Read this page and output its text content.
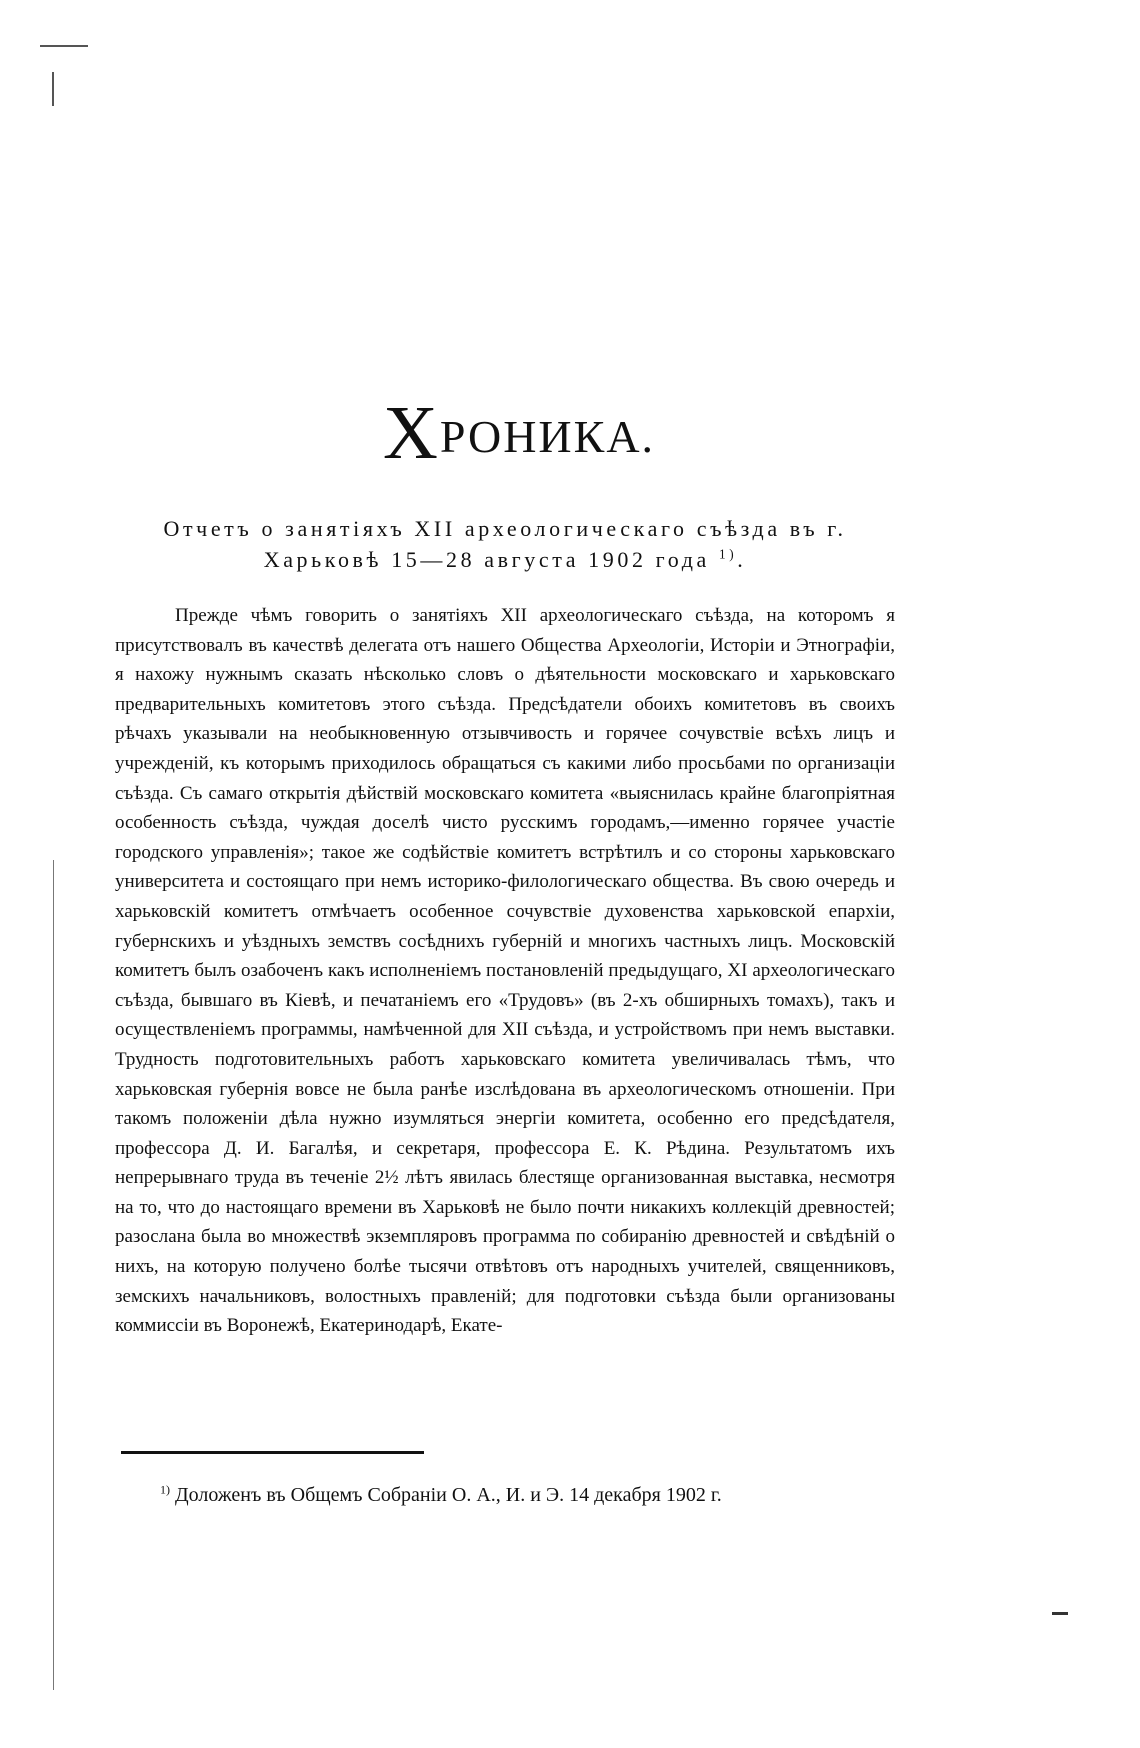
ХРОНИКА.
Отчетъ о занятіяхъ XII археологическаго съѣзда въ г.
Харьковѣ 15—28 августа 1902 года $^{1)}$.

Прежде чѣмъ говорить о занятіяхъ XII археологическаго съѣзда, на которомъ я присутствовалъ въ качествѣ делегата отъ нашего Общества Археологіи, Исторіи и Этнографіи, я нахожу нужнымъ сказать нѣсколько словъ о дѣятельности московскаго и харьковскаго предварительныхъ комитетовъ этого съѣзда. Предсѣдатели обоихъ комитетовъ въ своихъ рѣчахъ указывали на необыкновенную отзывчивость и горячее сочувствіе всѣхъ лицъ и учрежденій, къ которымъ приходилось обращаться съ какими либо просьбами по организаціи съѣзда. Съ самаго открытія дѣйствій московскаго комитета «выяснилась крайне благопріятная особенность съѣзда, чуждая доселѣ чисто русскимъ городамъ,—именно горячее участіе городского управленія»; такое же содѣйствіе комитетъ встрѣтилъ и со стороны харьковскаго университета и состоящаго при немъ историко-филологическаго общества. Въ свою очередь и харьковскій комитетъ отмѣчаетъ особенное сочувствіе духовенства харьковской епархіи, губернскихъ и уѣздныхъ земствъ сосѣднихъ губерній и многихъ частныхъ лицъ. Московскій комитетъ былъ озабоченъ какъ исполненіемъ постановленій предыдущаго, XI археологическаго съѣзда, бывшаго въ Кіевѣ, и печатаніемъ его «Трудовъ» (въ 2-хъ обширныхъ томахъ), такъ и осуществленіемъ программы, намѣченной для XII съѣзда, и устройствомъ при немъ выставки. Трудность подготовительныхъ работъ харьковскаго комитета увеличивалась тѣмъ, что харьковская губернія вовсе не была ранѣе изслѣдована въ археологическомъ отношеніи. При такомъ положеніи дѣла нужно изумляться энергіи комитета, особенно его предсѣдателя, профессора Д. И. Багалѣя, и секретаря, профессора Е. К. Рѣдина. Результатомъ ихъ непрерывнаго труда въ теченіе 2½ лѣтъ явилась блестяще организованная выставка, несмотря на то, что до настоящаго времени въ Харьковѣ не было почти никакихъ коллекцій древностей; разослана была во множествѣ экземпляровъ программа по собиранію древностей и свѣдѣній о нихъ, на которую получено болѣе тысячи отвѣтовъ отъ народныхъ учителей, священниковъ, земскихъ начальниковъ, волостныхъ правленій; для подготовки съѣзда были организованы коммиссіи въ Воронежѣ, Екатеринодарѣ, Екате-

$^{1)}$ Доложенъ въ Общемъ Собраніи О. А., И. и Э. 14 декабря 1902 г.
